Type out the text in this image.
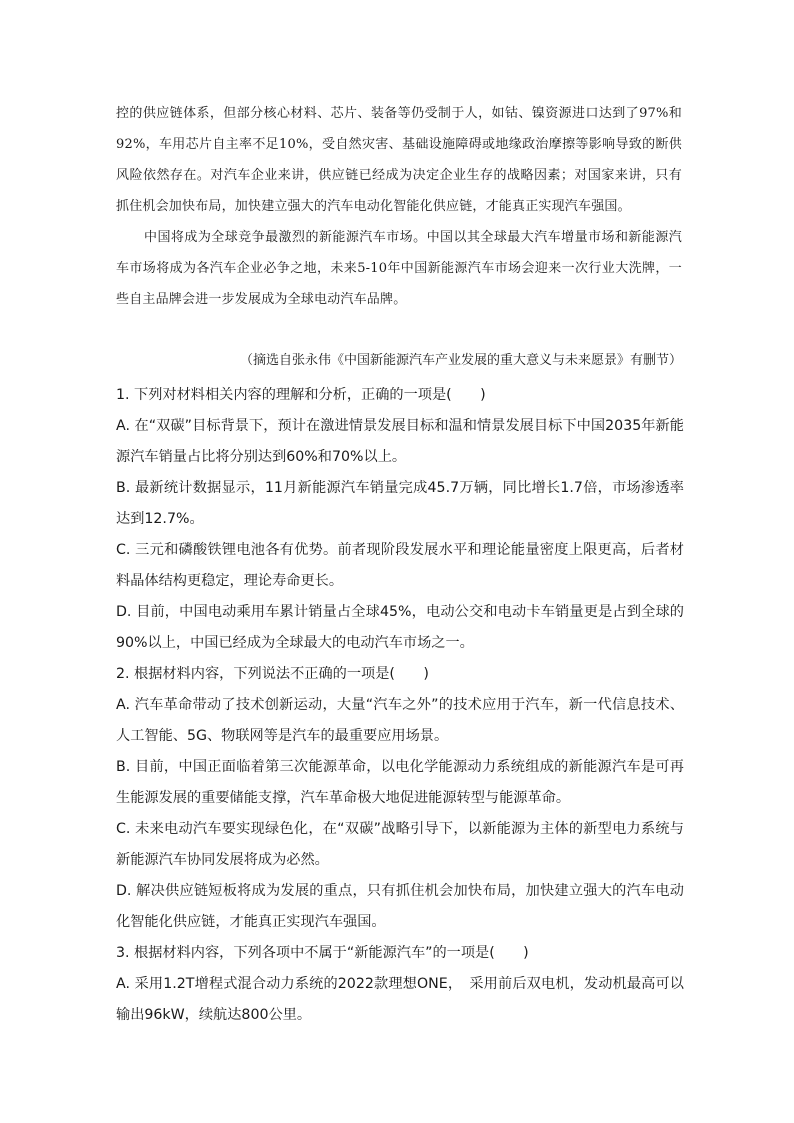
控的供应链体系，但部分核心材料、芯片、装备等仍受制于人，如钴、镍资源进口达到了97%和92%，车用芯片自主率不足10%，受自然灾害、基础设施障碍或地缘政治摩擦等影响导致的断供风险依然存在。对汽车企业来讲，供应链已经成为决定企业生存的战略因素；对国家来讲，只有抓住机会加快布局，加快建立强大的汽车电动化智能化供应链，才能真正实现汽车强国。

中国将成为全球竞争最激烈的新能源汽车市场。中国以其全球最大汽车增量市场和新能源汽车市场将成为各汽车企业必争之地，未来5-10年中国新能源汽车市场会迎来一次行业大洗牌，一些自主品牌会进一步发展成为全球电动汽车品牌。

（摘选自张永伟《中国新能源汽车产业发展的重大意义与未来愿景》有删节）

1. 下列对材料相关内容的理解和分析，正确的一项是(　　)

A. 在“双碳”目标背景下，预计在激进情景发展目标和温和情景发展目标下中国2035年新能源汽车销量占比将分别达到60%和70%以上。

B. 最新统计数据显示，11月新能源汽车销量完成45.7万辆，同比增长1.7倍，市场渗透率达到12.7%。

C. 三元和磷酸铁锂电池各有优势。前者现阶段发展水平和理论能量密度上限更高，后者材料晶体结构更稳定，理论寿命更长。

D. 目前，中国电动乘用车累计销量占全球45%，电动公交和电动卡车销量更是占到全球的90%以上，中国已经成为全球最大的电动汽车市场之一。

2. 根据材料内容，下列说法不正确的一项是(　　)

A. 汽车革命带动了技术创新运动，大量“汽车之外”的技术应用于汽车，新一代信息技术、人工智能、5G、物联网等是汽车的最重要应用场景。

B. 目前，中国正面临着第三次能源革命，以电化学能源动力系统组成的新能源汽车是可再生能源发展的重要储能支撑，汽车革命极大地促进能源转型与能源革命。

C. 未来电动汽车要实现绿色化，在“双碳”战略引导下，以新能源为主体的新型电力系统与新能源汽车协同发展将成为必然。

D. 解决供应链短板将成为发展的重点，只有抓住机会加快布局，加快建立强大的汽车电动化智能化供应链，才能真正实现汽车强国。

3. 根据材料内容，下列各项中不属于“新能源汽车”的一项是(　　)

A. 采用1.2T增程式混合动力系统的2022款理想ONE，　采用前后双电机，发动机最高可以输出96kW，续航达800公里。
